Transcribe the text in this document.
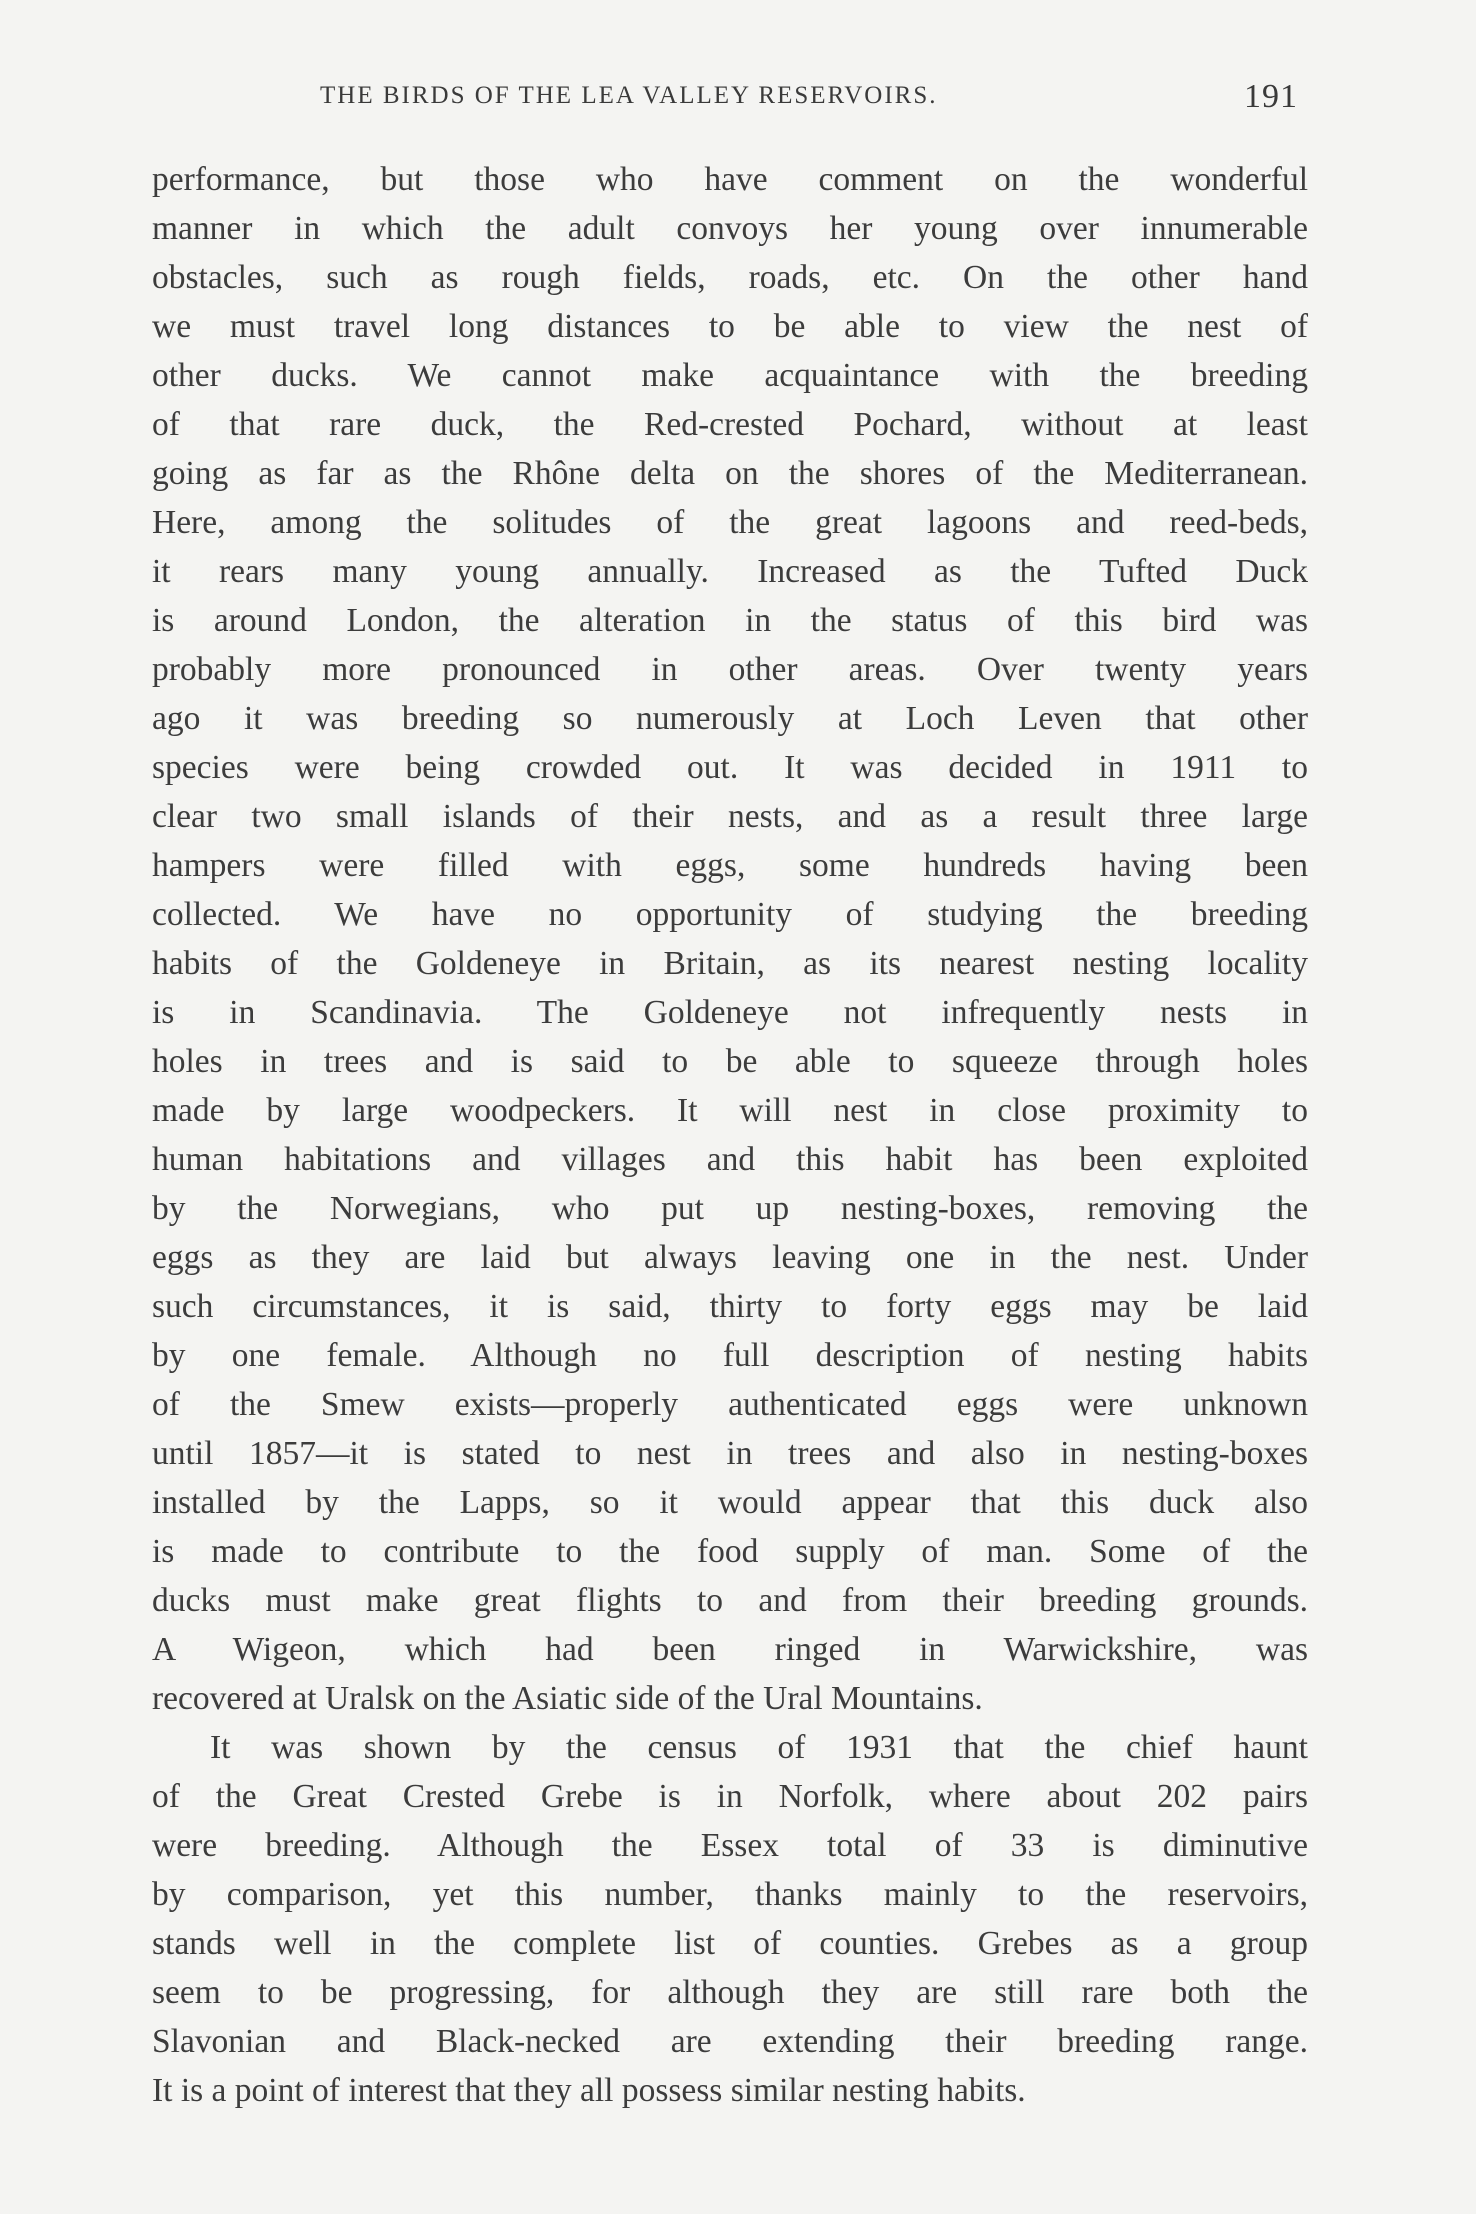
THE BIRDS OF THE LEA VALLEY RESERVOIRS.	191
performance, but those who have comment on the wonderful
manner in which the adult convoys her young over innumerable
obstacles, such as rough fields, roads, etc. On the other hand
we must travel long distances to be able to view the nest of
other ducks. We cannot make acquaintance with the breeding
of that rare duck, the Red-crested Pochard, without at least
going as far as the Rhône delta on the shores of the Mediterranean.
Here, among the solitudes of the great lagoons and reed-beds,
it rears many young annually. Increased as the Tufted Duck
is around London, the alteration in the status of this bird was
probably more pronounced in other areas. Over twenty years
ago it was breeding so numerously at Loch Leven that other
species were being crowded out. It was decided in 1911 to
clear two small islands of their nests, and as a result three large
hampers were filled with eggs, some hundreds having been
collected. We have no opportunity of studying the breeding
habits of the Goldeneye in Britain, as its nearest nesting locality
is in Scandinavia. The Goldeneye not infrequently nests in
holes in trees and is said to be able to squeeze through holes
made by large woodpeckers. It will nest in close proximity to
human habitations and villages and this habit has been exploited
by the Norwegians, who put up nesting-boxes, removing the
eggs as they are laid but always leaving one in the nest. Under
such circumstances, it is said, thirty to forty eggs may be laid
by one female. Although no full description of nesting habits
of the Smew exists—properly authenticated eggs were unknown
until 1857—it is stated to nest in trees and also in nesting-boxes
installed by the Lapps, so it would appear that this duck also
is made to contribute to the food supply of man. Some of the
ducks must make great flights to and from their breeding grounds.
A Wigeon, which had been ringed in Warwickshire, was
recovered at Uralsk on the Asiatic side of the Ural Mountains.
It was shown by the census of 1931 that the chief haunt
of the Great Crested Grebe is in Norfolk, where about 202 pairs
were breeding. Although the Essex total of 33 is diminutive
by comparison, yet this number, thanks mainly to the reservoirs,
stands well in the complete list of counties. Grebes as a group
seem to be progressing, for although they are still rare both the
Slavonian and Black-necked are extending their breeding range.
It is a point of interest that they all possess similar nesting habits.
